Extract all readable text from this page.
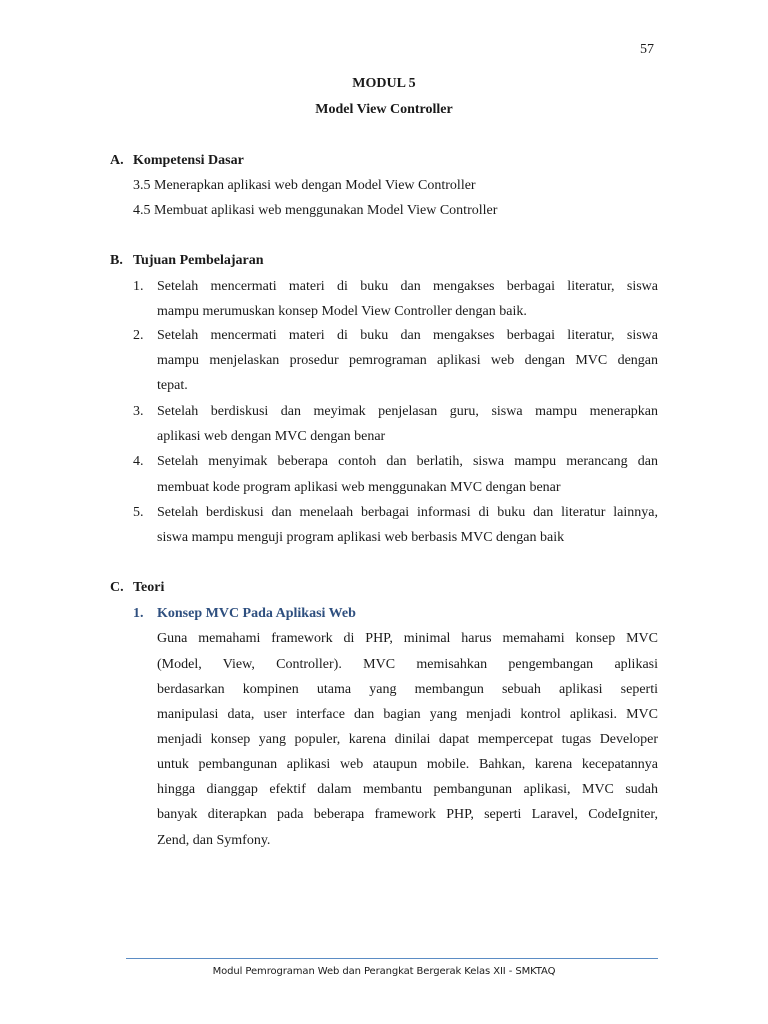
57
MODUL 5
Model View Controller
A. Kompetensi Dasar
3.5 Menerapkan aplikasi web dengan Model View Controller
4.5 Membuat aplikasi web menggunakan Model View Controller
B. Tujuan Pembelajaran
1. Setelah mencermati materi di buku dan mengakses berbagai literatur, siswa
mampu merumuskan konsep Model View Controller dengan baik.
2. Setelah mencermati materi di buku dan mengakses berbagai literatur, siswa
mampu menjelaskan prosedur pemrograman aplikasi web dengan MVC dengan
tepat.
3. Setelah berdiskusi dan meyimak penjelasan guru, siswa mampu menerapkan
aplikasi web dengan MVC dengan benar
4. Setelah menyimak beberapa contoh dan berlatih, siswa mampu merancang dan
membuat kode program aplikasi web menggunakan MVC dengan benar
5. Setelah berdiskusi dan menelaah berbagai informasi di buku dan literatur lainnya,
siswa mampu menguji program aplikasi web berbasis MVC dengan baik
C. Teori
1. Konsep MVC Pada Aplikasi Web
Guna memahami framework di PHP, minimal harus memahami konsep MVC
(Model, View, Controller). MVC memisahkan pengembangan aplikasi
berdasarkan kompinen utama yang membangun sebuah aplikasi seperti
manipulasi data, user interface dan bagian yang menjadi kontrol aplikasi. MVC
menjadi konsep yang populer, karena dinilai dapat mempercepat tugas Developer
untuk pembangunan aplikasi web ataupun mobile. Bahkan, karena kecepatannya
hingga dianggap efektif dalam membantu pembangunan aplikasi, MVC sudah
banyak diterapkan pada beberapa framework PHP, seperti Laravel, CodeIgniter,
Zend, dan Symfony.
Modul Pemrograman Web dan Perangkat Bergerak Kelas XII - SMKTAQ
